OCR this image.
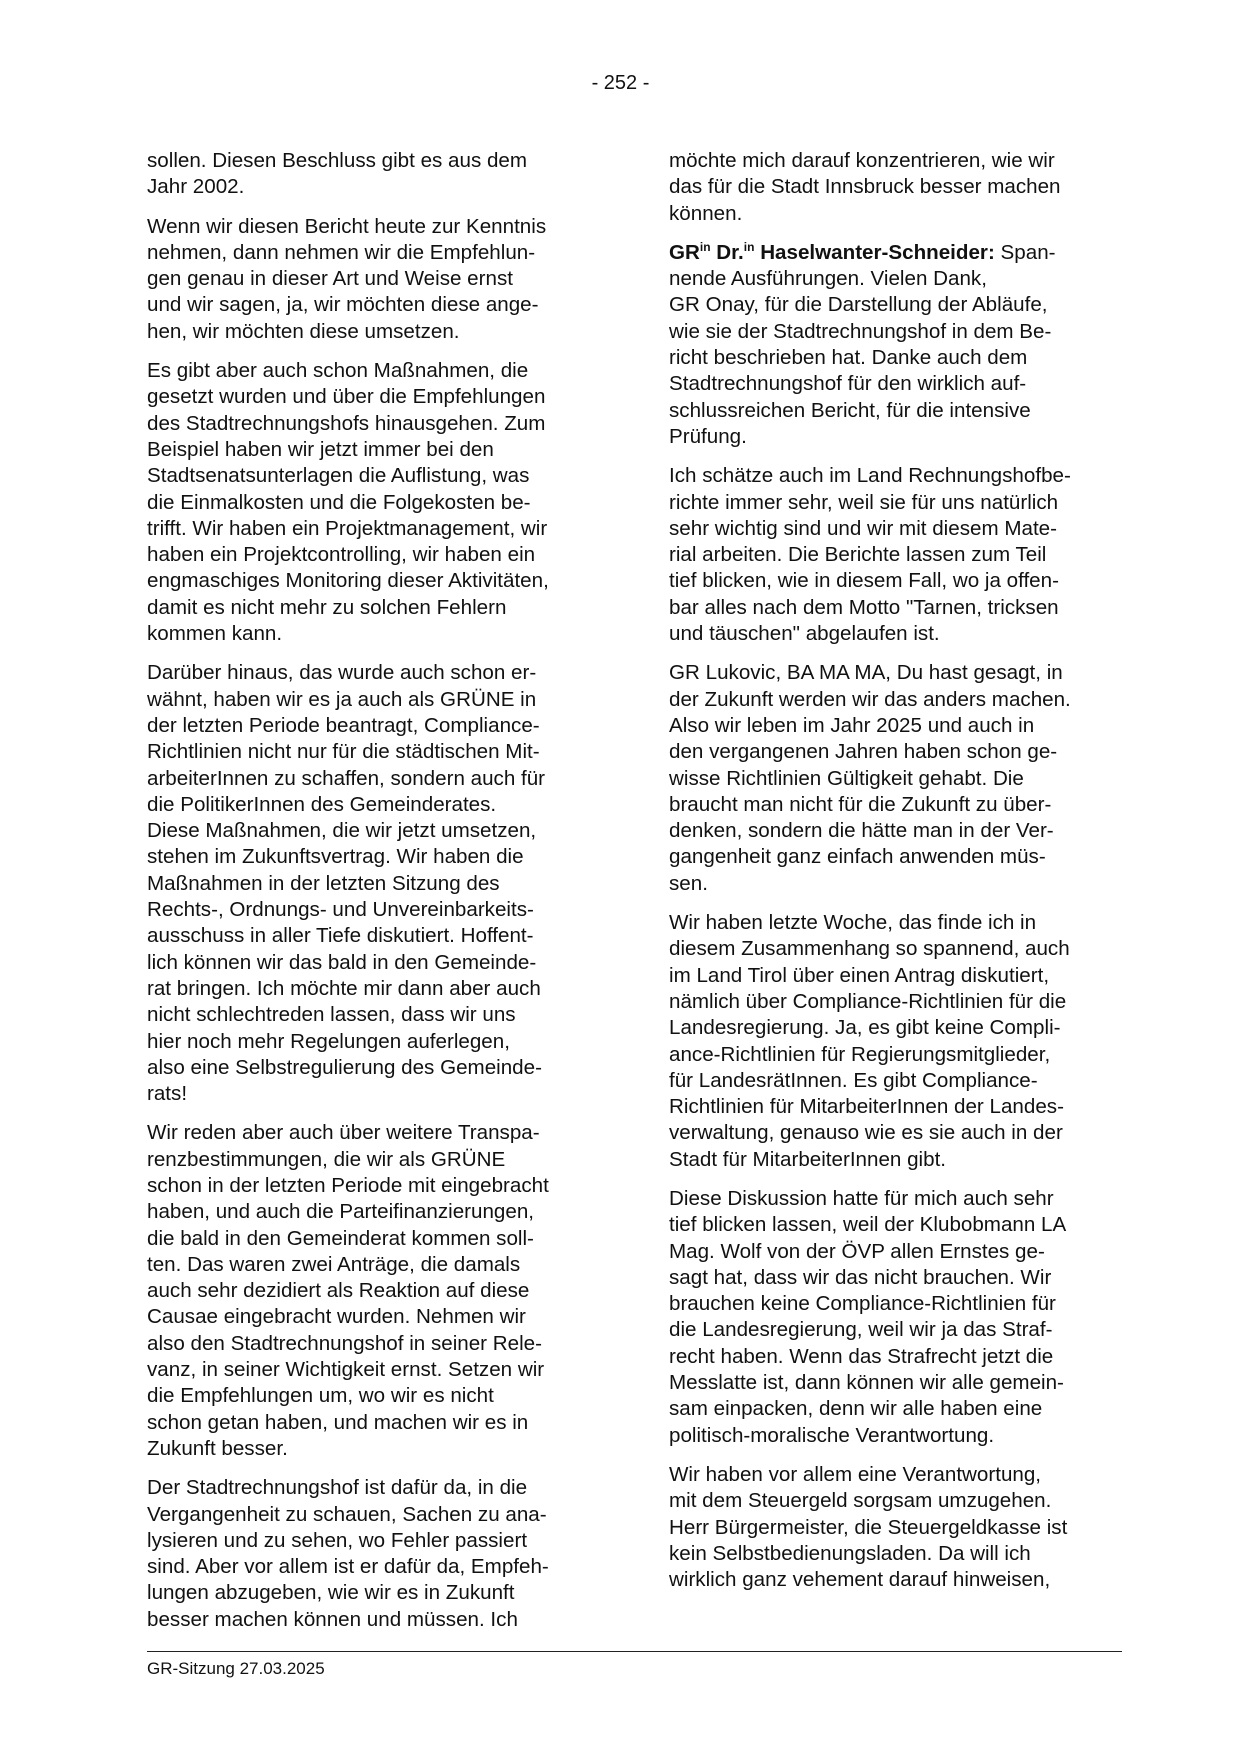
- 252 -

sollen. Diesen Beschluss gibt es aus dem
Jahr 2002.

Wenn wir diesen Bericht heute zur Kenntnis
nehmen, dann nehmen wir die Empfehlun-
gen genau in dieser Art und Weise ernst
und wir sagen, ja, wir möchten diese ange-
hen, wir möchten diese umsetzen.

Es gibt aber auch schon Maßnahmen, die
gesetzt wurden und über die Empfehlungen
des Stadtrechnungshofs hinausgehen. Zum
Beispiel haben wir jetzt immer bei den
Stadtsenatsunterlagen die Auflistung, was
die Einmalkosten und die Folgekosten be-
trifft. Wir haben ein Projektmanagement, wir
haben ein Projektcontrolling, wir haben ein
engmaschiges Monitoring dieser Aktivitäten,
damit es nicht mehr zu solchen Fehlern
kommen kann.

Darüber hinaus, das wurde auch schon er-
wähnt, haben wir es ja auch als GRÜNE in
der letzten Periode beantragt, Compliance-
Richtlinien nicht nur für die städtischen Mit-
arbeiterInnen zu schaffen, sondern auch für
die PolitikerInnen des Gemeinderates.
Diese Maßnahmen, die wir jetzt umsetzen,
stehen im Zukunftsvertrag. Wir haben die
Maßnahmen in der letzten Sitzung des
Rechts-, Ordnungs- und Unvereinbarkeits-
ausschuss in aller Tiefe diskutiert. Hoffent-
lich können wir das bald in den Gemeinde-
rat bringen. Ich möchte mir dann aber auch
nicht schlechtreden lassen, dass wir uns
hier noch mehr Regelungen auferlegen,
also eine Selbstregulierung des Gemeinde-
rats!

Wir reden aber auch über weitere Transpa-
renzbestimmungen, die wir als GRÜNE
schon in der letzten Periode mit eingebracht
haben, und auch die Parteifinanzierungen,
die bald in den Gemeinderat kommen soll-
ten. Das waren zwei Anträge, die damals
auch sehr dezidiert als Reaktion auf diese
Causae eingebracht wurden. Nehmen wir
also den Stadtrechnungshof in seiner Rele-
vanz, in seiner Wichtigkeit ernst. Setzen wir
die Empfehlungen um, wo wir es nicht
schon getan haben, und machen wir es in
Zukunft besser.

Der Stadtrechnungshof ist dafür da, in die
Vergangenheit zu schauen, Sachen zu ana-
lysieren und zu sehen, wo Fehler passiert
sind. Aber vor allem ist er dafür da, Empfeh-
lungen abzugeben, wie wir es in Zukunft
besser machen können und müssen. Ich

möchte mich darauf konzentrieren, wie wir
das für die Stadt Innsbruck besser machen
können.

$GR^{in}$ Dr.$^{in}$ Haselwanter-Schneider: Span-
nende Ausführungen. Vielen Dank,
GR Onay, für die Darstellung der Abläufe,
wie sie der Stadtrechnungshof in dem Be-
richt beschrieben hat. Danke auch dem
Stadtrechnungshof für den wirklich auf-
schlussreichen Bericht, für die intensive
Prüfung.

Ich schätze auch im Land Rechnungshofbe-
richte immer sehr, weil sie für uns natürlich
sehr wichtig sind und wir mit diesem Mate-
rial arbeiten. Die Berichte lassen zum Teil
tief blicken, wie in diesem Fall, wo ja offen-
bar alles nach dem Motto "Tarnen, tricksen
und täuschen" abgelaufen ist.

GR Lukovic, BA MA MA, Du hast gesagt, in
der Zukunft werden wir das anders machen.
Also wir leben im Jahr 2025 und auch in
den vergangenen Jahren haben schon ge-
wisse Richtlinien Gültigkeit gehabt. Die
braucht man nicht für die Zukunft zu über-
denken, sondern die hätte man in der Ver-
gangenheit ganz einfach anwenden müs-
sen.

Wir haben letzte Woche, das finde ich in
diesem Zusammenhang so spannend, auch
im Land Tirol über einen Antrag diskutiert,
nämlich über Compliance-Richtlinien für die
Landesregierung. Ja, es gibt keine Compli-
ance-Richtlinien für Regierungsmitglieder,
für LandesrätInnen. Es gibt Compliance-
Richtlinien für MitarbeiterInnen der Landes-
verwaltung, genauso wie es sie auch in der
Stadt für MitarbeiterInnen gibt.

Diese Diskussion hatte für mich auch sehr
tief blicken lassen, weil der Klubobmann LA
Mag. Wolf von der ÖVP allen Ernstes ge-
sagt hat, dass wir das nicht brauchen. Wir
brauchen keine Compliance-Richtlinien für
die Landesregierung, weil wir ja das Straf-
recht haben. Wenn das Strafrecht jetzt die
Messlatte ist, dann können wir alle gemein-
sam einpacken, denn wir alle haben eine
politisch-moralische Verantwortung.

Wir haben vor allem eine Verantwortung,
mit dem Steuergeld sorgsam umzugehen.
Herr Bürgermeister, die Steuergeldkasse ist
kein Selbstbedienungsladen. Da will ich
wirklich ganz vehement darauf hinweisen,

GR-Sitzung 27.03.2025
